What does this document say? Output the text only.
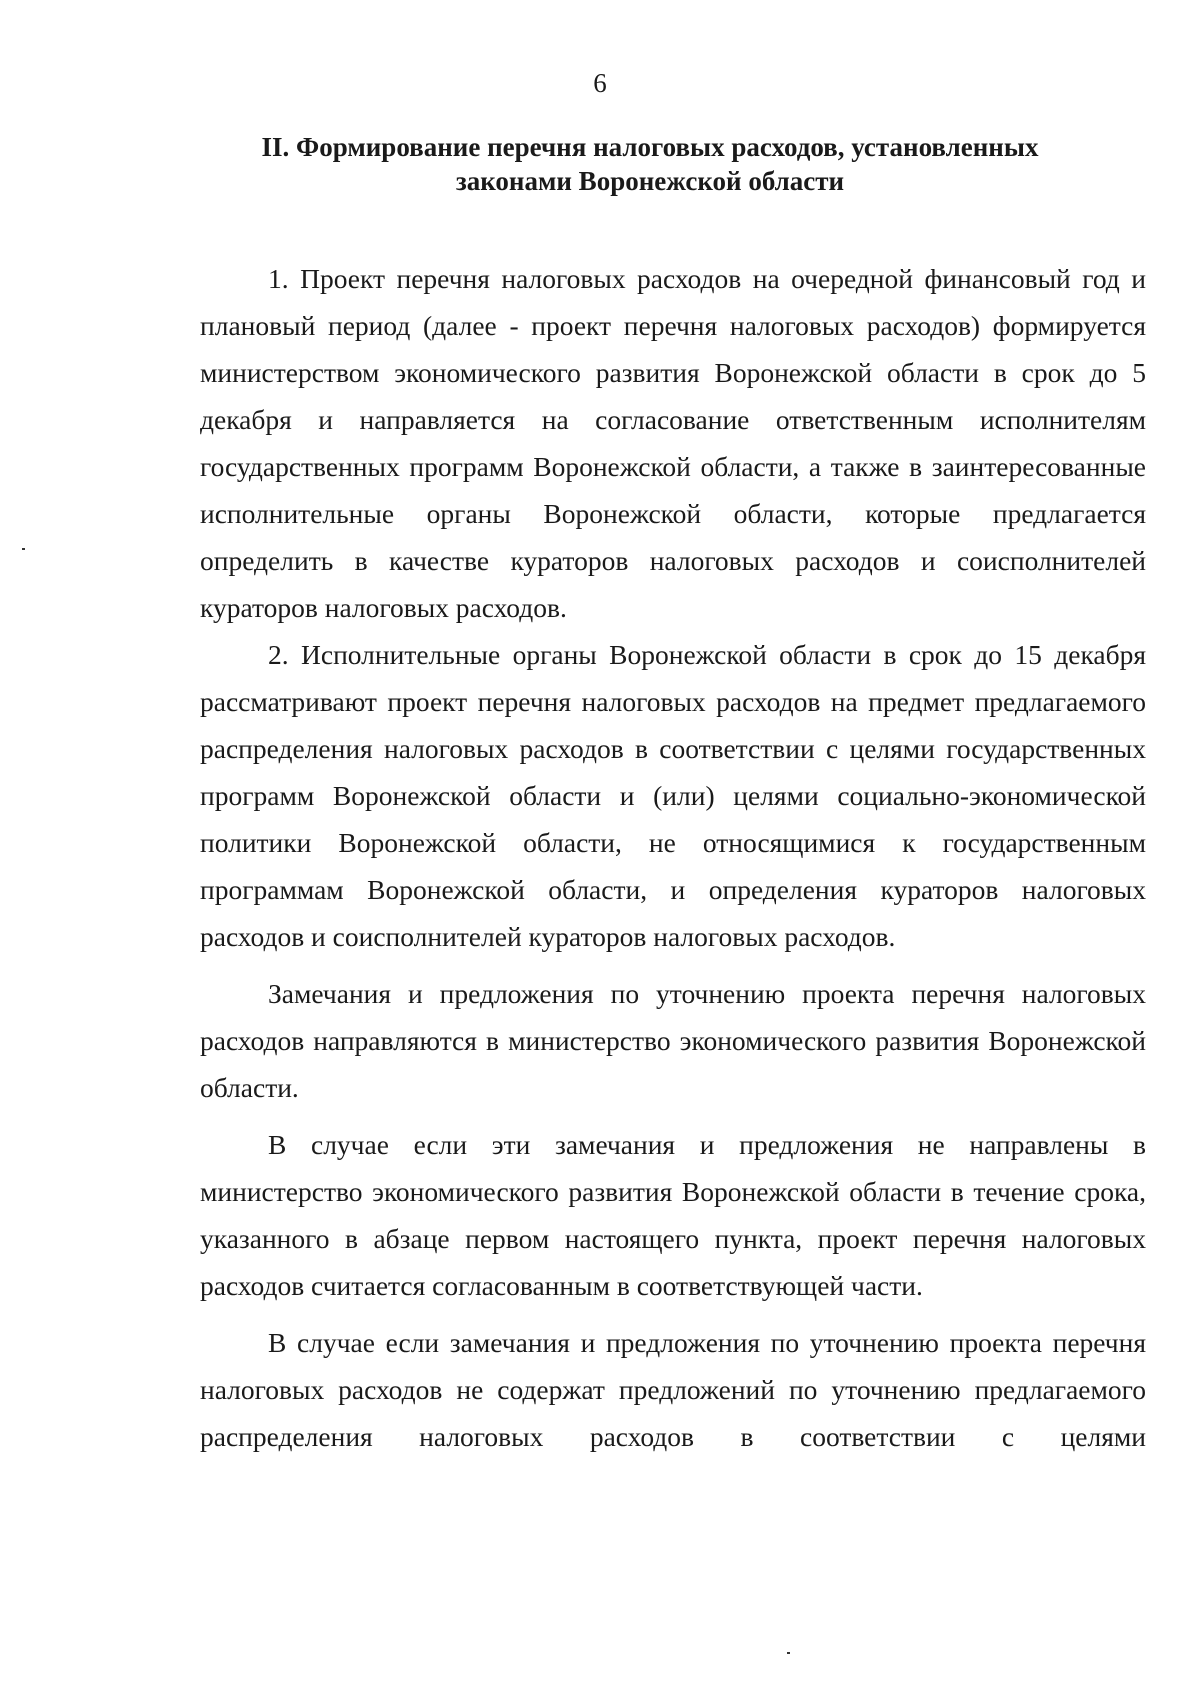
6
II. Формирование перечня налоговых расходов, установленных
законами Воронежской области

1. Проект перечня налоговых расходов на очередной финансовый год и плановый период (далее - проект перечня налоговых расходов) формируется министерством экономического развития Воронежской области в срок до 5 декабря и направляется на согласование ответственным исполнителям государственных программ Воронежской области, а также в заинтересованные исполнительные органы Воронежской области, которые предлагается определить в качестве кураторов налоговых расходов и соисполнителей кураторов налоговых расходов.

2. Исполнительные органы Воронежской области в срок до 15 декабря рассматривают проект перечня налоговых расходов на предмет предлагаемого распределения налоговых расходов в соответствии с целями государственных программ Воронежской области и (или) целями социально-экономической политики Воронежской области, не относящимися к государственным программам Воронежской области, и определения кураторов налоговых расходов и соисполнителей кураторов налоговых расходов.

Замечания и предложения по уточнению проекта перечня налоговых расходов направляются в министерство экономического развития Воронежской области.

В случае если эти замечания и предложения не направлены в министерство экономического развития Воронежской области в течение срока, указанного в абзаце первом настоящего пункта, проект перечня налоговых расходов считается согласованным в соответствующей части.

В случае если замечания и предложения по уточнению проекта перечня налоговых расходов не содержат предложений по уточнению предлагаемого распределения налоговых расходов в соответствии с целями
